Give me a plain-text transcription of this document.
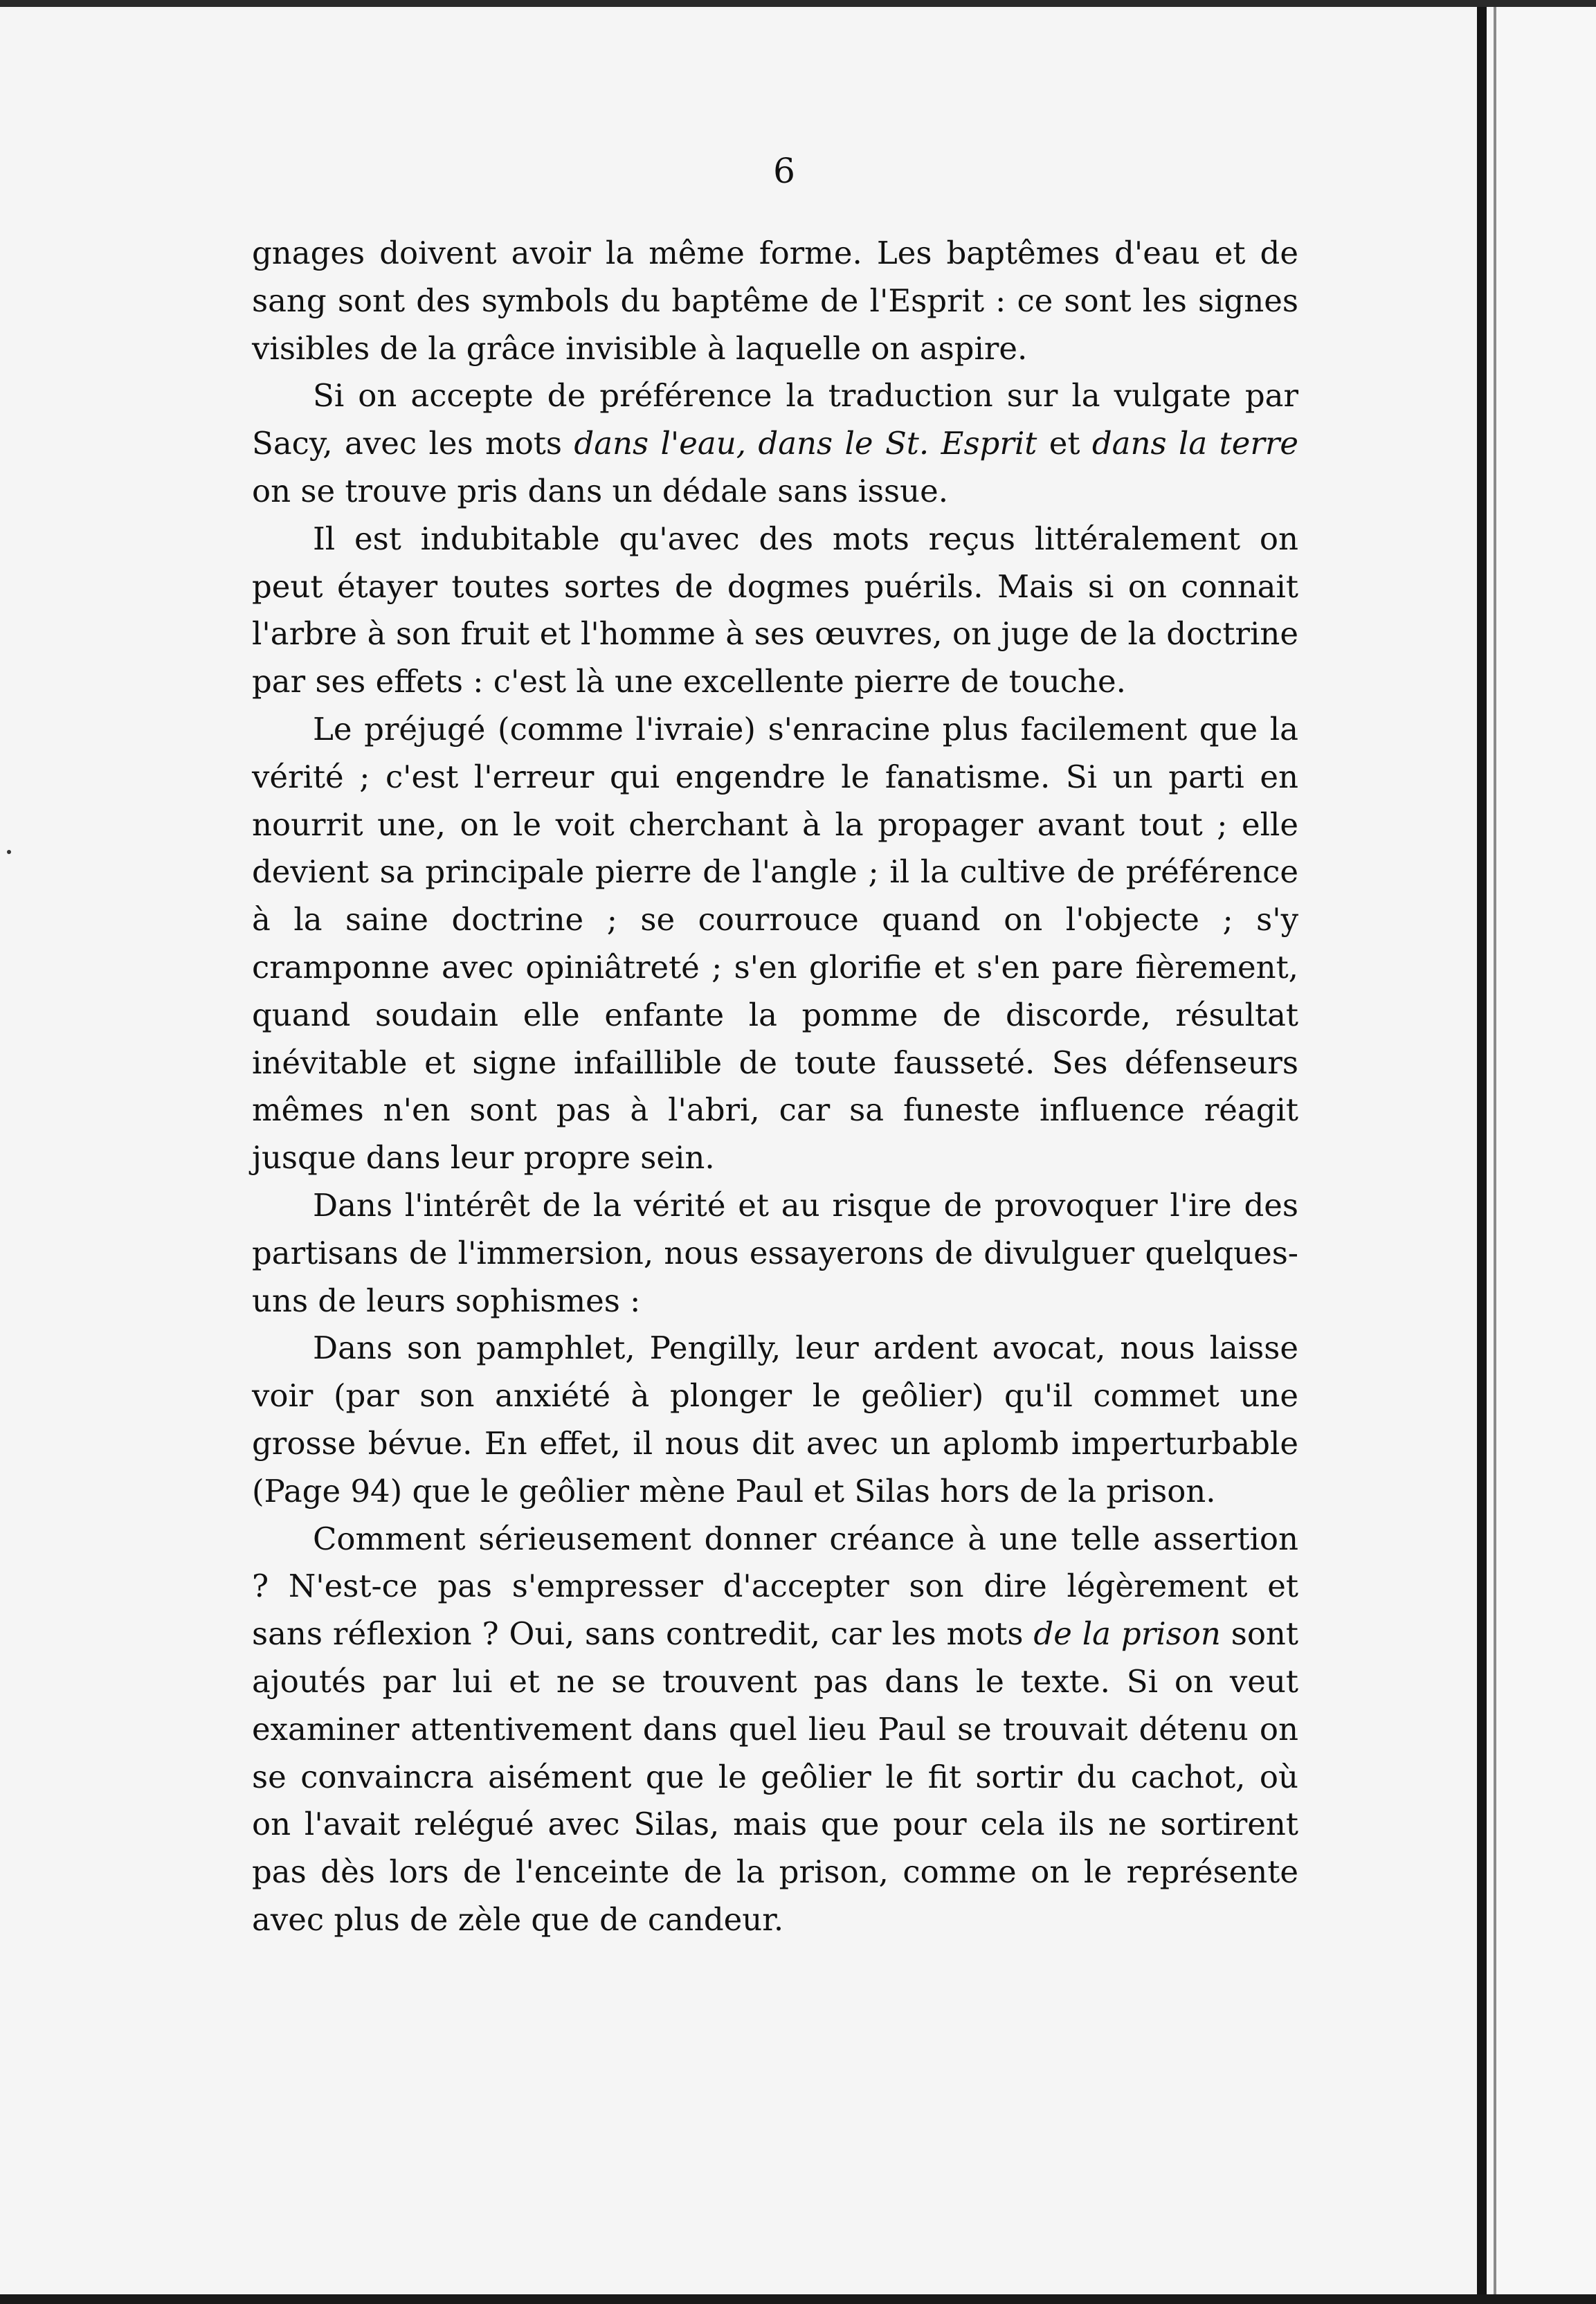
6

gnages doivent avoir la même forme. Les baptêmes d'eau et de sang sont des symbols du baptême de l'Esprit : ce sont les signes visibles de la grâce invisible à laquelle on aspire.

Si on accepte de préférence la traduction sur la vulgate par Sacy, avec les mots dans l'eau, dans le St. Esprit et dans la terre on se trouve pris dans un dédale sans issue.

Il est indubitable qu'avec des mots reçus littéralement on peut étayer toutes sortes de dogmes puérils. Mais si on connait l'arbre à son fruit et l'homme à ses œuvres, on juge de la doctrine par ses effets : c'est là une excellente pierre de touche.

Le préjugé (comme l'ivraie) s'enracine plus facilement que la vérité ; c'est l'erreur qui engendre le fanatisme. Si un parti en nourrit une, on le voit cherchant à la propager avant tout ; elle devient sa principale pierre de l'angle ; il la cultive de préférence à la saine doctrine ; se courrouce quand on l'objecte ; s'y cramponne avec opiniâtreté ; s'en glorifie et s'en pare fièrement, quand soudain elle enfante la pomme de discorde, résultat inévitable et signe infaillible de toute fausseté. Ses défenseurs mêmes n'en sont pas à l'abri, car sa funeste influence réagit jusque dans leur propre sein.

Dans l'intérêt de la vérité et au risque de provoquer l'ire des partisans de l'immersion, nous essayerons de divulguer quelques-uns de leurs sophismes :

Dans son pamphlet, Pengilly, leur ardent avocat, nous laisse voir (par son anxiété à plonger le geôlier) qu'il commet une grosse bévue. En effet, il nous dit avec un aplomb imperturbable (Page 94) que le geôlier mène Paul et Silas hors de la prison.

Comment sérieusement donner créance à une telle assertion ? N'est-ce pas s'empresser d'accepter son dire légèrement et sans réflexion ? Oui, sans contredit, car les mots de la prison sont ajoutés par lui et ne se trouvent pas dans le texte. Si on veut examiner attentivement dans quel lieu Paul se trouvait détenu on se convaincra aisément que le geôlier le fit sortir du cachot, où on l'avait relégué avec Silas, mais que pour cela ils ne sortirent pas dès lors de l'enceinte de la prison, comme on le représente avec plus de zèle que de candeur.
